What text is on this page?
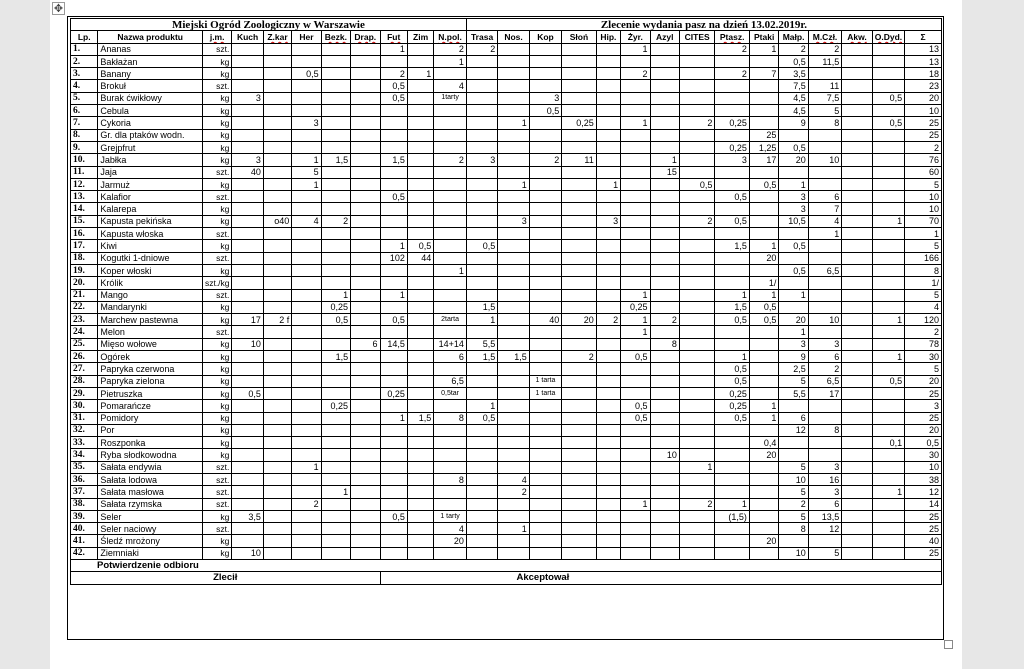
✥
Miejski Ogród Zoologiczny w Warszawie											Zlecenie wydania pasz na dzień 13.02.2019r.														
Lp.	Nazwa produktu	j.m.	Kuch	Z.kar	Her	Bezk.	Drap.	Fut	Zim	N.pol.	Trasa	Nos.	Kop	Słoń	Hip.	Żyr.	Azyl	CITES	Ptasz.	Ptaki	Małp.	M.Czł.	Akw.	O.Dyd.	Σ
1.	Ananas	szt.						1		2	2					1			2	1	2	2			13
2.	Bakłażan	kg								1											0,5	11,5			13
3.	Banany	kg			0,5			2	1							2			2	7	3,5				18
4.	Brokuł	szt.						0,5		4											7,5	11			23
5.	Burak ćwikłowy	kg	3					0,5		1tarty			3								4,5	7,5		0,5	20
6.	Cebula	kg											0,5								4,5	5			10
7.	Cykoria	kg			3							1		0,25		1		2	0,25		9	8		0,5	25
8.	Gr. dla ptaków wodn.	kg																		25					25
9.	Grejpfrut	kg																	0,25	1,25	0,5				2
10.	Jabłka	kg	3		1	1,5		1,5		2	3		2	11			1		3	17	20	10			76
11.	Jaja	szt.	40		5												15								60
12.	Jarmuż	kg			1							1			1			0,5		0,5	1				5
13.	Kalafior	szt.						0,5											0,5		3	6			10
14.	Kalarepa	kg																			3	7			10
15.	Kapusta pekińska	kg		o40	4	2						3			3			2	0,5		10,5	4		1	70
16.	Kapusta włoska	szt.																				1			1
17.	Kiwi	kg						1	0,5		0,5								1,5	1	0,5				5
18.	Kogutki 1-dniowe	szt.						102	44											20					166
19.	Koper włoski	kg								1											0,5	6,5			8
20.	Królik	szt./kg																		1/					1/
21.	Mango	szt.				1		1								1			1	1	1				5
22.	Mandarynki	kg				0,25					1,5					0,25			1,5	0,5					4
23.	Marchew pastewna	kg	17	2 f		0,5		0,5		2tarta	1		40	20	2	1	2		0,5	0,5	20	10		1	120
24.	Melon	szt.														1					1				2
25.	Mięso wołowe	kg	10				6	14,5		14+14	5,5						8				3	3			78
26.	Ogórek	kg				1,5				6	1,5	1,5		2		0,5			1		9	6		1	30
27.	Papryka czerwona	kg																	0,5		2,5	2			5
28.	Papryka zielona	kg								6,5			1 tarta						0,5		5	6,5		0,5	20
29.	Pietruszka	kg	0,5					0,25		0,5tar			1 tarta						0,25		5,5	17			25
30.	Pomarańcze	kg				0,25					1					0,5			0,25	1					3
31.	Pomidory	kg						1	1,5	8	0,5					0,5			0,5	1	6				25
32.	Por	kg																			12	8			20
33.	Roszponka	kg																		0,4				0,1	0,5
34.	Ryba słodkowodna	kg															10			20					30
35.	Sałata endywia	szt.			1													1			5	3			10
36.	Sałata lodowa	szt.								8		4									10	16			38
37.	Sałata masłowa	szt.				1						2									5	3		1	12
38.	Sałata rzymska	szt.			2											1		2	1		2	6			14
39.	Seler	kg	3,5					0,5		1 tarty									(1,5)		5	13,5			25
40.	Seler naciowy	szt.								4		1									8	12			25
41.	Śledź mrożony	kg								20										20					40
42.	Ziemniaki	kg	10																		10	5			25
Potwierdzenie odbioru																									
Zlecił								Akceptował																	
